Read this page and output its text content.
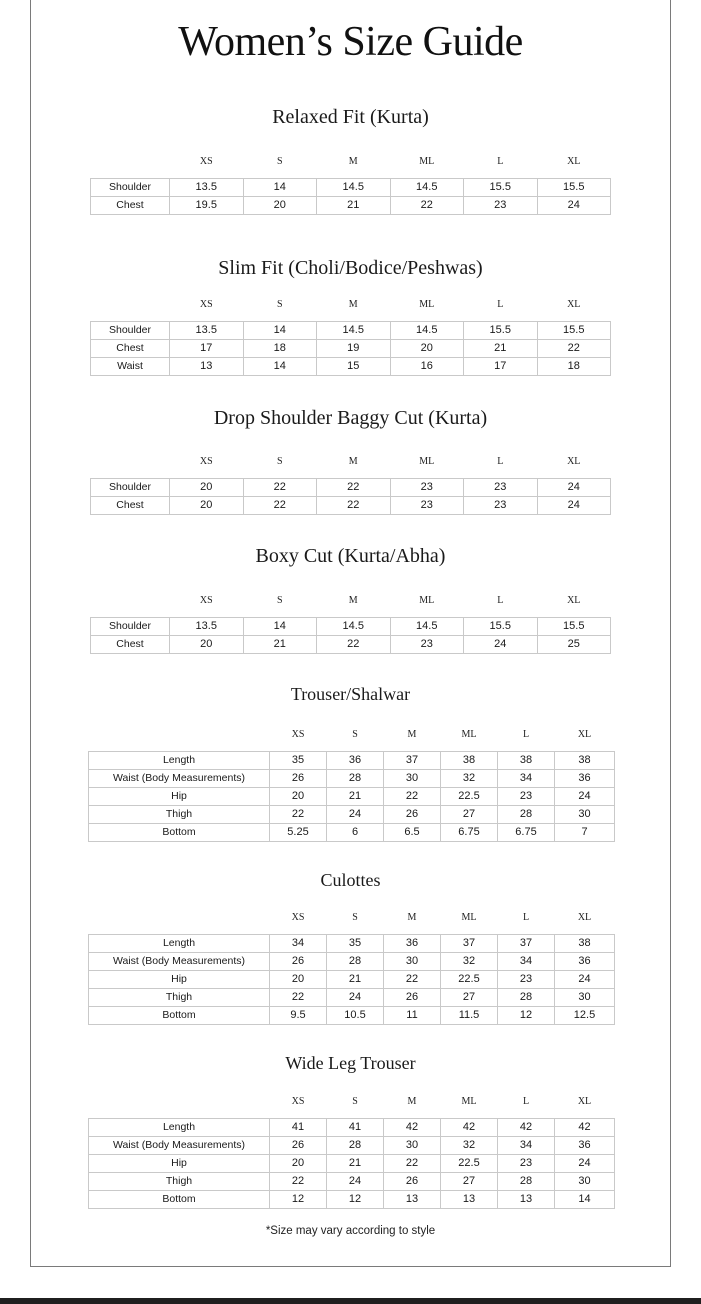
Women’s Size Guide
Relaxed Fit (Kurta)
Slim Fit (Choli/Bodice/Peshwas)
Drop Shoulder Baggy Cut (Kurta)
Boxy Cut (Kurta/Abha)
Trouser/Shalwar
Culottes
Wide Leg Trouser
	XS	S	M	ML	L	XL
Shoulder	13.5	14	14.5	14.5	15.5	15.5
Chest	19.5	20	21	22	23	24
	XS	S	M	ML	L	XL
Shoulder	13.5	14	14.5	14.5	15.5	15.5
Chest	17	18	19	20	21	22
Waist	13	14	15	16	17	18
	XS	S	M	ML	L	XL
Shoulder	20	22	22	23	23	24
Chest	20	22	22	23	23	24
	XS	S	M	ML	L	XL
Shoulder	13.5	14	14.5	14.5	15.5	15.5
Chest	20	21	22	23	24	25
	XS	S	M	ML	L	XL
Length	35	36	37	38	38	38
Waist (Body Measurements)	26	28	30	32	34	36
Hip	20	21	22	22.5	23	24
Thigh	22	24	26	27	28	30
Bottom	5.25	6	6.5	6.75	6.75	7
	XS	S	M	ML	L	XL
Length	34	35	36	37	37	38
Waist (Body Measurements)	26	28	30	32	34	36
Hip	20	21	22	22.5	23	24
Thigh	22	24	26	27	28	30
Bottom	9.5	10.5	11	11.5	12	12.5
	XS	S	M	ML	L	XL
Length	41	41	42	42	42	42
Waist (Body Measurements)	26	28	30	32	34	36
Hip	20	21	22	22.5	23	24
Thigh	22	24	26	27	28	30
Bottom	12	12	13	13	13	14
*Size may vary according to style
